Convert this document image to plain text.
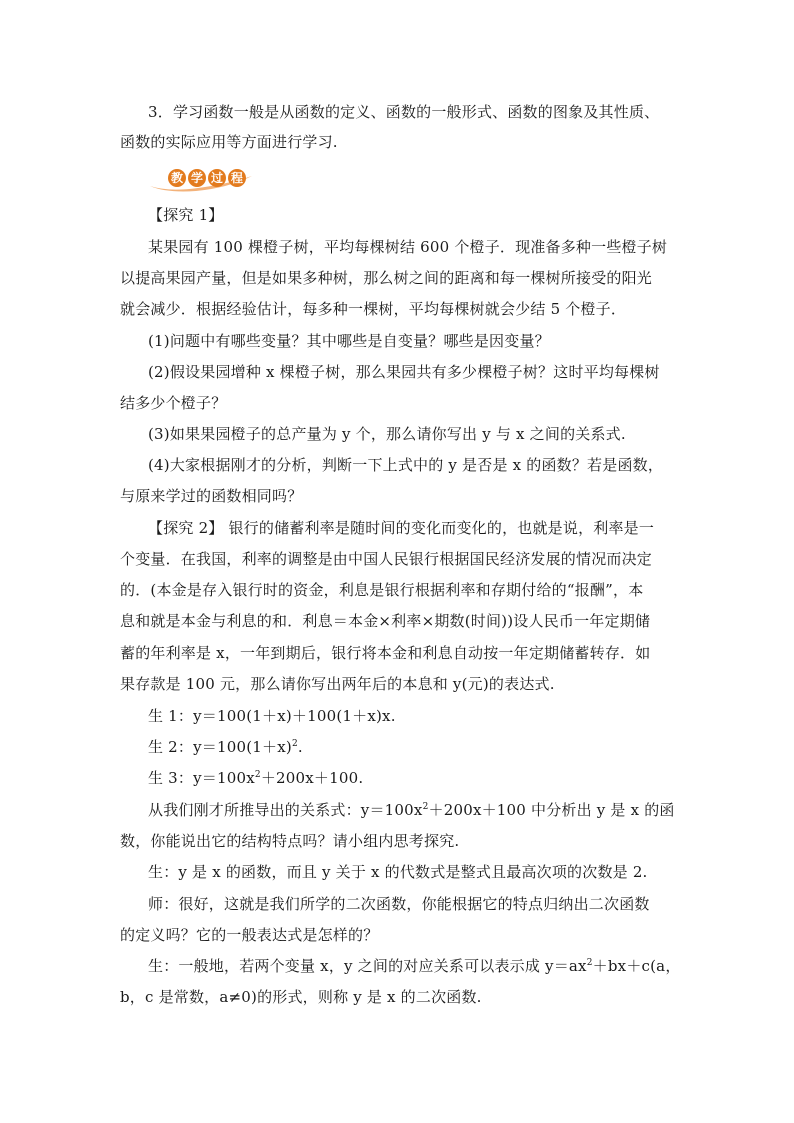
3．学习函数一般是从函数的定义、函数的一般形式、函数的图象及其性质、
函数的实际应用等方面进行学习.
教 学 过 程
【探究 1】
某果园有 100 棵橙子树，平均每棵树结 600 个橙子．现准备多种一些橙子树
以提高果园产量，但是如果多种树，那么树之间的距离和每一棵树所接受的阳光
就会减少．根据经验估计，每多种一棵树，平均每棵树就会少结 5 个橙子．
(1)问题中有哪些变量？其中哪些是自变量？哪些是因变量？
(2)假设果园增种 x 棵橙子树，那么果园共有多少棵橙子树？这时平均每棵树
结多少个橙子？
(3)如果果园橙子的总产量为 y 个，那么请你写出 y 与 x 之间的关系式.
(4)大家根据刚才的分析，判断一下上式中的 y 是否是 x 的函数？若是函数，
与原来学过的函数相同吗？
【探究 2】 银行的储蓄利率是随时间的变化而变化的，也就是说，利率是一
个变量．在我国，利率的调整是由中国人民银行根据国民经济发展的情况而决定
的．(本金是存入银行时的资金，利息是银行根据利率和存期付给的“报酬”，本
息和就是本金与利息的和．利息＝本金×利率×期数(时间))设人民币一年定期储
蓄的年利率是 x，一年到期后，银行将本金和利息自动按一年定期储蓄转存．如
果存款是 100 元，那么请你写出两年后的本息和 y(元)的表达式.
生 1：y＝100(1＋x)＋100(1＋x)x.
生 2：$y=100(1+x)^2$.
生 3：$y=100x^2+200x+100$.
从我们刚才所推导出的关系式：$y=100x^2+200x+100$ 中分析出 y 是 x 的函
数，你能说出它的结构特点吗？请小组内思考探究.
生：y 是 x 的函数，而且 y 关于 x 的代数式是整式且最高次项的次数是 2.
师：很好，这就是我们所学的二次函数，你能根据它的特点归纳出二次函数
的定义吗？它的一般表达式是怎样的？
生：一般地，若两个变量 x，y 之间的对应关系可以表示成 $y=ax^2+bx+c(a$，
b，c 是常数，a≠0)的形式，则称 y 是 x 的二次函数.
